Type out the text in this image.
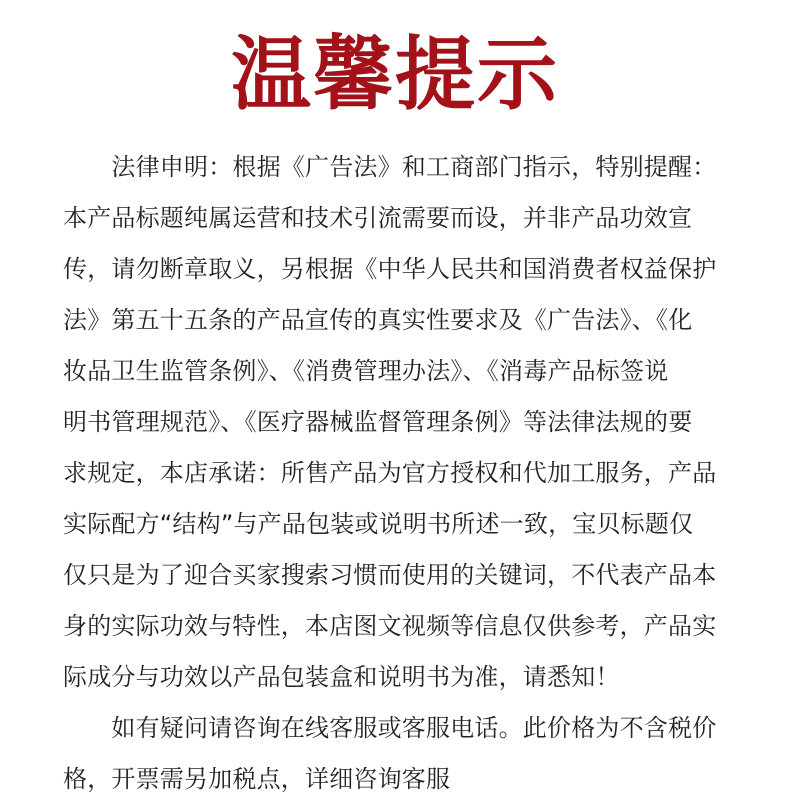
温馨提示
　　法律申明：根据《广告法》和工商部门指示，特别提醒：
本产品标题纯属运营和技术引流需要而设，并非产品功效宣
传，请勿断章取义，另根据《中华人民共和国消费者权益保护
法》第五十五条的产品宣传的真实性要求及《广告法》、《化
妆品卫生监管条例》、《消费管理办法》、《消毒产品标签说
明书管理规范》、《医疗器械监督管理条例》等法律法规的要
求规定，本店承诺：所售产品为官方授权和代加工服务，产品
实际配方“结构”与产品包装或说明书所述一致，宝贝标题仅
仅只是为了迎合买家搜索习惯而使用的关键词，不代表产品本
身的实际功效与特性，本店图文视频等信息仅供参考，产品实
际成分与功效以产品包装盒和说明书为准，请悉知！
　　如有疑问请咨询在线客服或客服电话。此价格为不含税价
格，开票需另加税点，详细咨询客服
